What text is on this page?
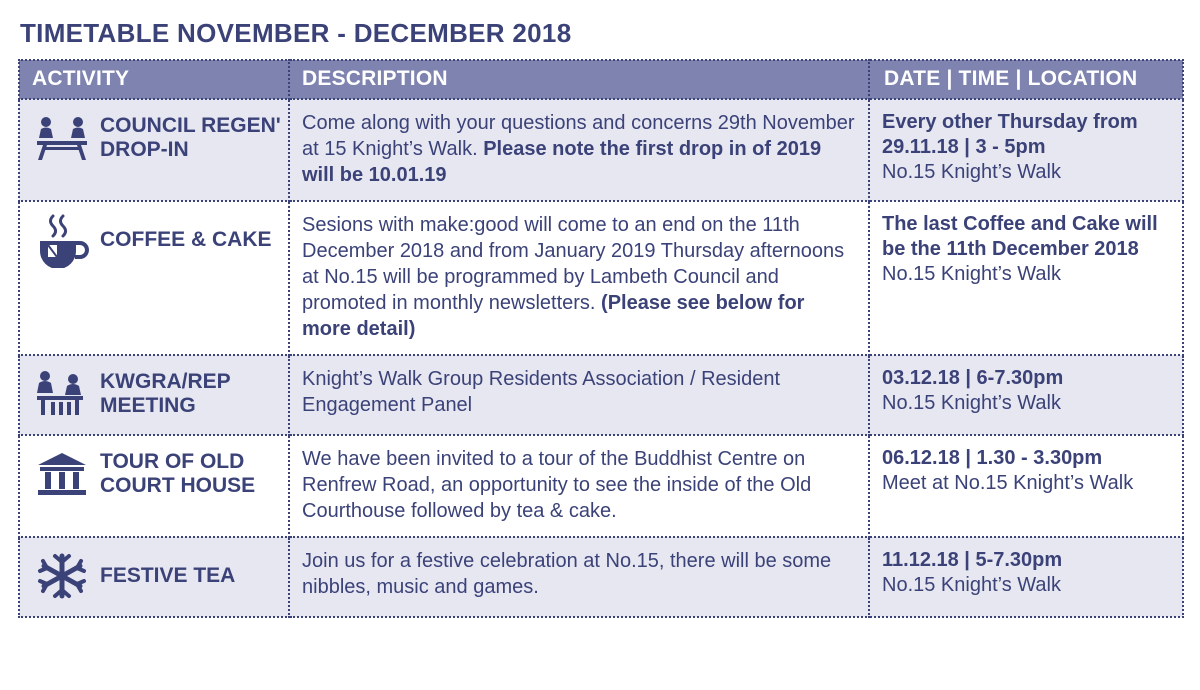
TIMETABLE NOVEMBER - DECEMBER 2018
ACTIVITY	DESCRIPTION	DATE | TIME | LOCATION

COUNCIL REGEN' DROP-IN	Come along with your questions and concerns 29th November at 15 Knight’s Walk. Please note the first drop in of 2019 will be 10.01.19	Every other Thursday from 29.11.18 | 3 - 5pm
No.15 Knight’s Walk

COFFEE & CAKE	Sesions with make:good will come to an end on the 11th December 2018 and from January 2019 Thursday afternoons at No.15 will be programmed by Lambeth Council and promoted in monthly newsletters. (Please see below for more detail)	The last Coffee and Cake will be the 11th December 2018
No.15 Knight’s Walk

KWGRA/REP MEETING	Knight’s Walk Group Residents Association / Resident Engagement Panel	03.12.18 | 6-7.30pm
No.15 Knight’s Walk

TOUR OF OLD COURT HOUSE	We have been invited to a tour of the Buddhist Centre on Renfrew Road, an opportunity to see the inside of the Old Courthouse followed by tea & cake.	06.12.18 | 1.30 - 3.30pm
Meet at No.15 Knight’s Walk

FESTIVE TEA	Join us for a festive celebration at No.15, there will be some nibbles, music and games.	11.12.18 | 5-7.30pm
No.15 Knight’s Walk
